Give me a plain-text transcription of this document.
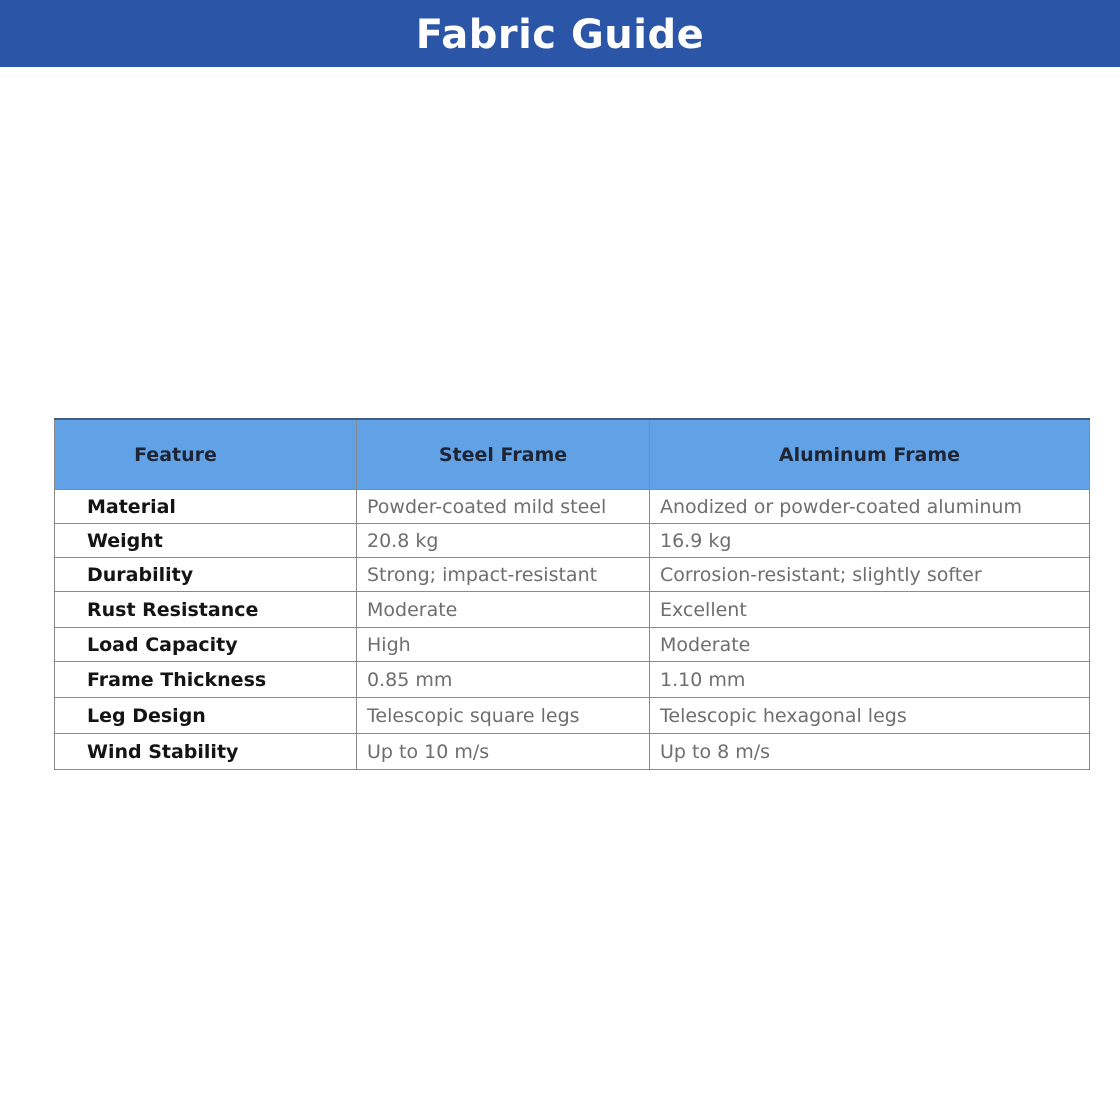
Fabric Guide
Feature	Steel Frame	Aluminum Frame
Material	Powder-coated mild steel	Anodized or powder-coated aluminum
Weight	20.8 kg	16.9 kg
Durability	Strong; impact-resistant	Corrosion-resistant; slightly softer
Rust Resistance	Moderate	Excellent
Load Capacity	High	Moderate
Frame Thickness	0.85 mm	1.10 mm
Leg Design	Telescopic square legs	Telescopic hexagonal legs
Wind Stability	Up to 10 m/s	Up to 8 m/s
